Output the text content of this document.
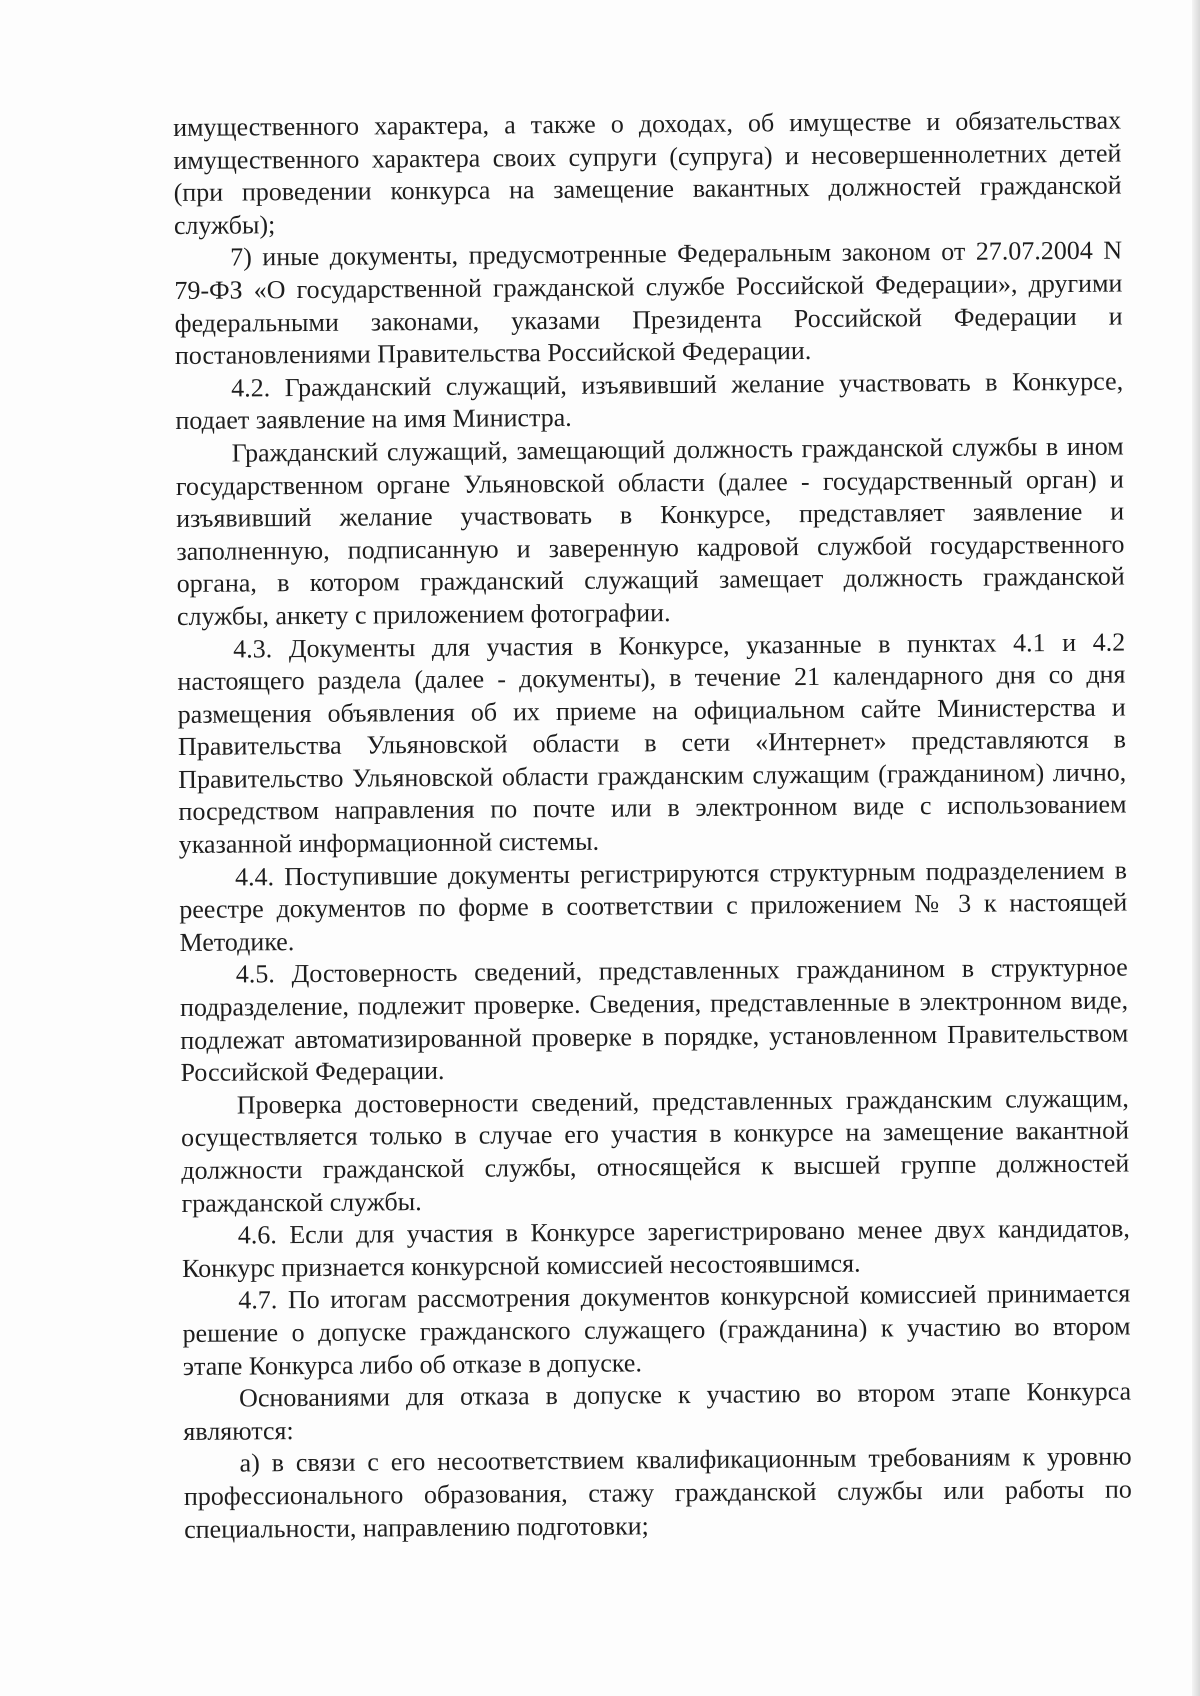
имущественного характера, а также о доходах, об имуществе и обязательствах имущественного характера своих супруги (супруга) и несовершеннолетних детей (при проведении конкурса на замещение вакантных должностей гражданской службы);

7) иные документы, предусмотренные Федеральным законом от 27.07.2004 N 79-ФЗ «О государственной гражданской службе Российской Федерации», другими федеральными законами, указами Президента Российской Федерации и постановлениями Правительства Российской Федерации.

4.2. Гражданский служащий, изъявивший желание участвовать в Конкурсе, подает заявление на имя Министра.

Гражданский служащий, замещающий должность гражданской службы в ином государственном органе Ульяновской области (далее - государственный орган) и изъявивший желание участвовать в Конкурсе, представляет заявление и заполненную, подписанную и заверенную кадровой службой государственного органа, в котором гражданский служащий замещает должность гражданской службы, анкету с приложением фотографии.

4.3. Документы для участия в Конкурсе, указанные в пунктах 4.1 и 4.2 настоящего раздела (далее - документы), в течение 21 календарного дня со дня размещения объявления об их приеме на официальном сайте Министерства и Правительства Ульяновской области в сети «Интернет» представляются в Правительство Ульяновской области гражданским служащим (гражданином) лично, посредством направления по почте или в электронном виде с использованием указанной информационной системы.

4.4. Поступившие документы регистрируются структурным подразделением в реестре документов по форме в соответствии с приложением № 3 к настоящей Методике.

4.5. Достоверность сведений, представленных гражданином в структурное подразделение, подлежит проверке. Сведения, представленные в электронном виде, подлежат автоматизированной проверке в порядке, установленном Правительством Российской Федерации.

Проверка достоверности сведений, представленных гражданским служащим, осуществляется только в случае его участия в конкурсе на замещение вакантной должности гражданской службы, относящейся к высшей группе должностей гражданской службы.

4.6. Если для участия в Конкурсе зарегистрировано менее двух кандидатов, Конкурс признается конкурсной комиссией несостоявшимся.

4.7. По итогам рассмотрения документов конкурсной комиссией принимается решение о допуске гражданского служащего (гражданина) к участию во втором этапе Конкурса либо об отказе в допуске.

Основаниями для отказа в допуске к участию во втором этапе Конкурса являются:

а) в связи с его несоответствием квалификационным требованиям к уровню профессионального образования, стажу гражданской службы или работы по специальности, направлению подготовки;
